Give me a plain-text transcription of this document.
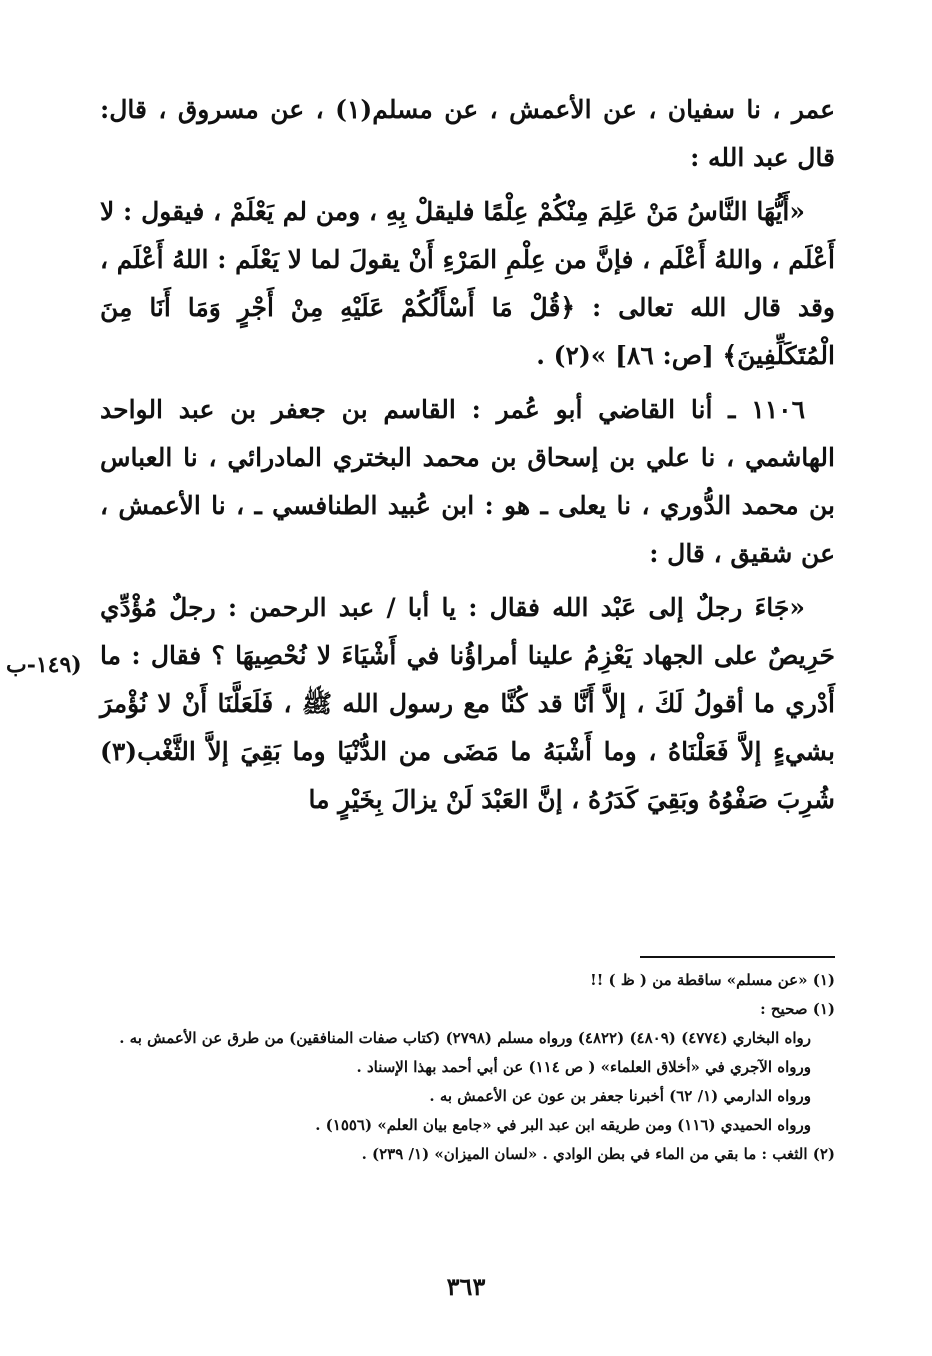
عمر ، نا سفيان ، عن الأعمش ، عن مسلم(١) ، عن مسروق ، قال: قال عبد الله :

«أَيُّهَا النَّاسُ مَنْ عَلِمَ مِنْكُمْ عِلْمًا فليقلْ بِهِ ، ومن لم يَعْلَمْ ، فيقول : لا أَعْلَم ، واللهُ أَعْلَم ، فإنَّ من عِلْمِ المَرْءِ أَنْ يقولَ لما لا يَعْلَم : اللهُ أَعْلَم ، وقد قال الله تعالى : ﴿قُلْ مَا أَسْأَلُكُمْ عَلَيْهِ مِنْ أَجْرٍ وَمَا أَنَا مِنَ الْمُتَكَلِّفِينَ﴾ [ص: ٨٦] »(٢) .

١١٠٦ ـ أنا القاضي أبو عُمر : القاسم بن جعفر بن عبد الواحد الهاشمي ، نا علي بن إسحاق بن محمد البختري المادرائي ، نا العباس بن محمد الدُّوري ، نا يعلى ـ هو : ابن عُبيد الطنافسي ـ ، نا الأعمش ، عن شقيق ، قال :

«جَاءَ رجلٌ إلى عَبْد الله فقال : يا أبا / عبد الرحمن : رجلٌ مُؤْدِّي حَرِيصٌ على الجهاد يَعْزِمُ علينا أمراؤُنا في أَشْيَاءَ لا نُحْصِيهَا ؟ فقال : ما أَدْري ما أقولُ لَكَ ، إلاَّ أَنَّا قد كُنَّا مع رسول الله ﷺ ، فَلَعَلَّنَا أَنْ لا نُؤْمرَ بشيءٍ إلاَّ فَعَلْنَاهُ ، وما أَشْبَهُ ما مَضَى من الدُّنْيَا وما بَقِيَ إلاَّ الثَّغْب(٣) شُرِبَ صَفْوُهُ وبَقِيَ كَدَرُهُ ، إنَّ العَبْدَ لَنْ يزالَ بِخَيْرٍ ما

(١٤٩-ب

(١) «عن مسلم» ساقطة من ( ظ ) !!

(١) صحيح :

رواه البخاري (٤٧٧٤) (٤٨٠٩) (٤٨٢٢) ورواه مسلم (٢٧٩٨) (كتاب صفات المنافقين) من طرق عن الأعمش به .

ورواه الآجري في «أخلاق العلماء» ( ص ١١٤) عن أبي أحمد بهذا الإسناد .

ورواه الدارمي (١/ ٦٢) أخبرنا جعفر بن عون عن الأعمش به .

ورواه الحميدي (١١٦) ومن طريقه ابن عبد البر في «جامع بيان العلم» (١٥٥٦) .

(٢) الثغب : ما بقي من الماء في بطن الوادي . «لسان الميزان» (١/ ٢٣٩) .

٣٦٣
